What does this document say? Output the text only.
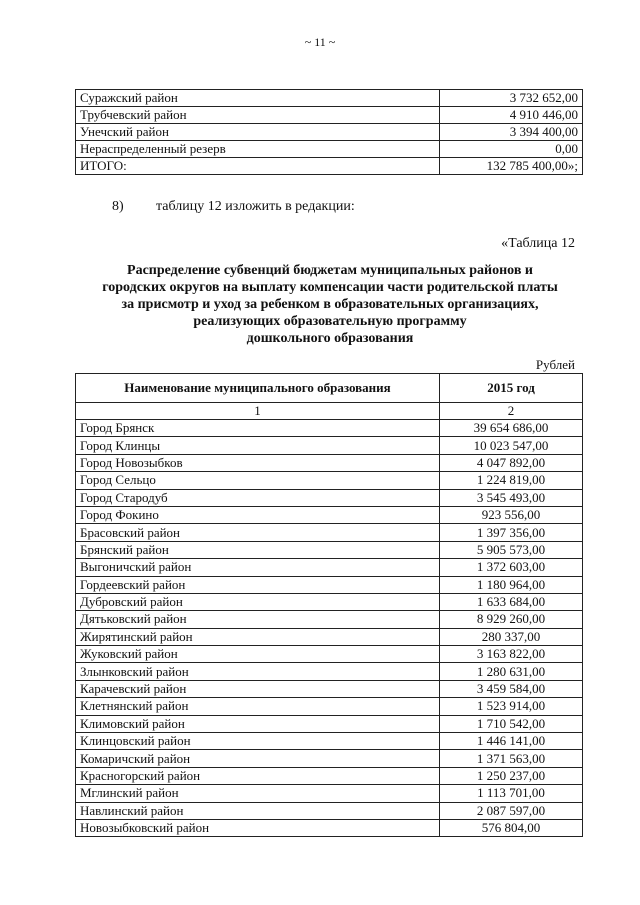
~ 11 ~
Суражский район	3 732 652,00
Трубчевский район	4 910 446,00
Унечский район	3 394 400,00
Нераспределенный резерв	0,00
ИТОГО:	132 785 400,00»;
8) таблицу 12 изложить в редакции:
«Таблица 12
Распределение субвенций бюджетам муниципальных районов и
городских округов на выплату компенсации части родительской платы
за присмотр и уход за ребенком в образовательных организациях,
реализующих образовательную программу
дошкольного образования
Рублей
Наименование муниципального образования	2015 год
1	2
Город Брянск	39 654 686,00
Город Клинцы	10 023 547,00
Город Новозыбков	4 047 892,00
Город Сельцо	1 224 819,00
Город Стародуб	3 545 493,00
Город Фокино	923 556,00
Брасовский район	1 397 356,00
Брянский район	5 905 573,00
Выгоничский район	1 372 603,00
Гордеевский район	1 180 964,00
Дубровский район	1 633 684,00
Дятьковский район	8 929 260,00
Жирятинский район	280 337,00
Жуковский район	3 163 822,00
Злынковский район	1 280 631,00
Карачевский район	3 459 584,00
Клетнянский район	1 523 914,00
Климовский район	1 710 542,00
Клинцовский район	1 446 141,00
Комаричский район	1 371 563,00
Красногорский район	1 250 237,00
Мглинский район	1 113 701,00
Навлинский район	2 087 597,00
Новозыбковский район	576 804,00
